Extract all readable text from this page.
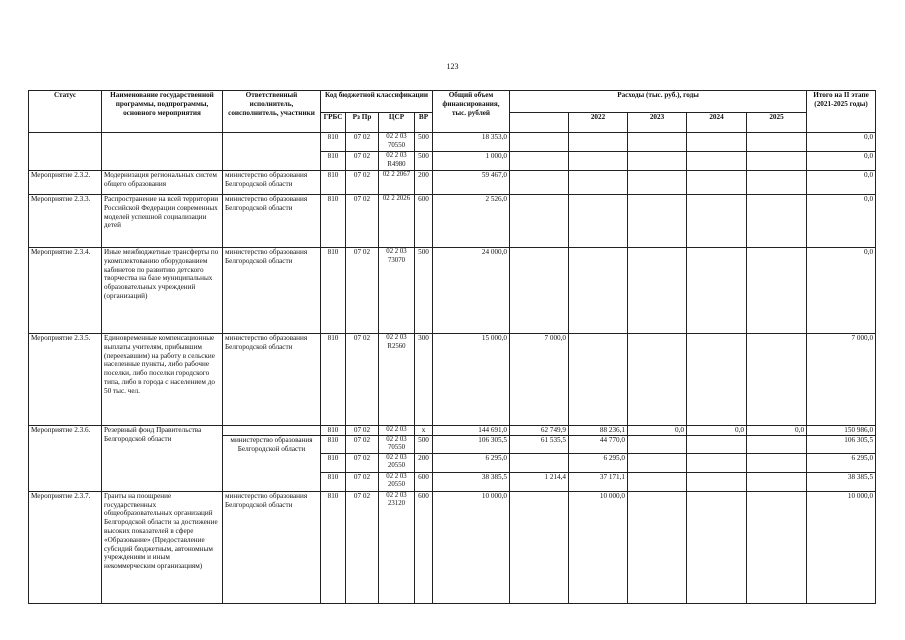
123
Статус	Наименование государственной программы, подпрограммы, основного мероприятия	Ответственный исполнитель, соисполнитель, участники	Код бюджетной классификации				Общий объем финансирования, тыс. рублей	Расходы (тыс. руб.), годы					Итого на II этапе (2021-2025 годы)
			ГРБС	Рз Пр	ЦСР	ВР			2022	2023	2024	2025	

			810	07 02	02 2 03 70550	500	18 353,0						0,0
			810	07 02	02 2 03 R4980	500	1 000,0						0,0
Мероприятие 2.3.2.	Модернизация региональных систем общего образования	министерство образования Белгородской области	810	07 02	02 2 2067	200	59 467,0						0,0
Мероприятие 2.3.3.	Распространение на всей территории Российской Федерации современных моделей успешной социализации детей	министерство образования Белгородской области	810	07 02	02 2 2026	600	2 526,0						0,0
Мероприятие 2.3.4.	Иные межбюджетные трансферты по укомплектованию оборудованием кабинетов по развитию детского творчества на базе муниципальных образовательных учреждений (организаций)	министерство образования Белгородской области	810	07 02	02 2 03 73070	500	24 000,0						0,0
Мероприятие 2.3.5.	Единовременные компенсационные выплаты учителям, прибывшим (переехавшим) на работу в сельские населенные пункты, либо рабочие поселки, либо поселки городского типа, либо в города с населением до 50 тыс. чел.	министерство образования Белгородской области	810	07 02	02 2 03 R2560	300	15 000,0	7 000,0					7 000,0
Мероприятие 2.3.6.	Резервный фонд Правительства Белгородской области		810	07 02	02 2 03	x	144 691,0	62 749,9	88 236,1	0,0	0,0	0,0	150 986,0
		министерство образования Белгородской области	810	07 02	02 2 03 70550	500	106 305,5	61 535,5	44 770,0				106 305,5
			810	07 02	02 2 03 20550	200	6 295,0		6 295,0				6 295,0
			810	07 02	02 2 03 20550	600	38 385,5	1 214,4	37 171,1				38 385,5
Мероприятие 2.3.7.	Гранты на поощрение государственных общеобразовательных организаций Белгородской области за достижение высоких показателей в сфере «Образование» (Предоставление субсидий бюджетным, автономным учреждениям и иным некоммерческим организациям)	министерство образования Белгородской области	810	07 02	02 2 03 23120	600	10 000,0		10 000,0				10 000,0
